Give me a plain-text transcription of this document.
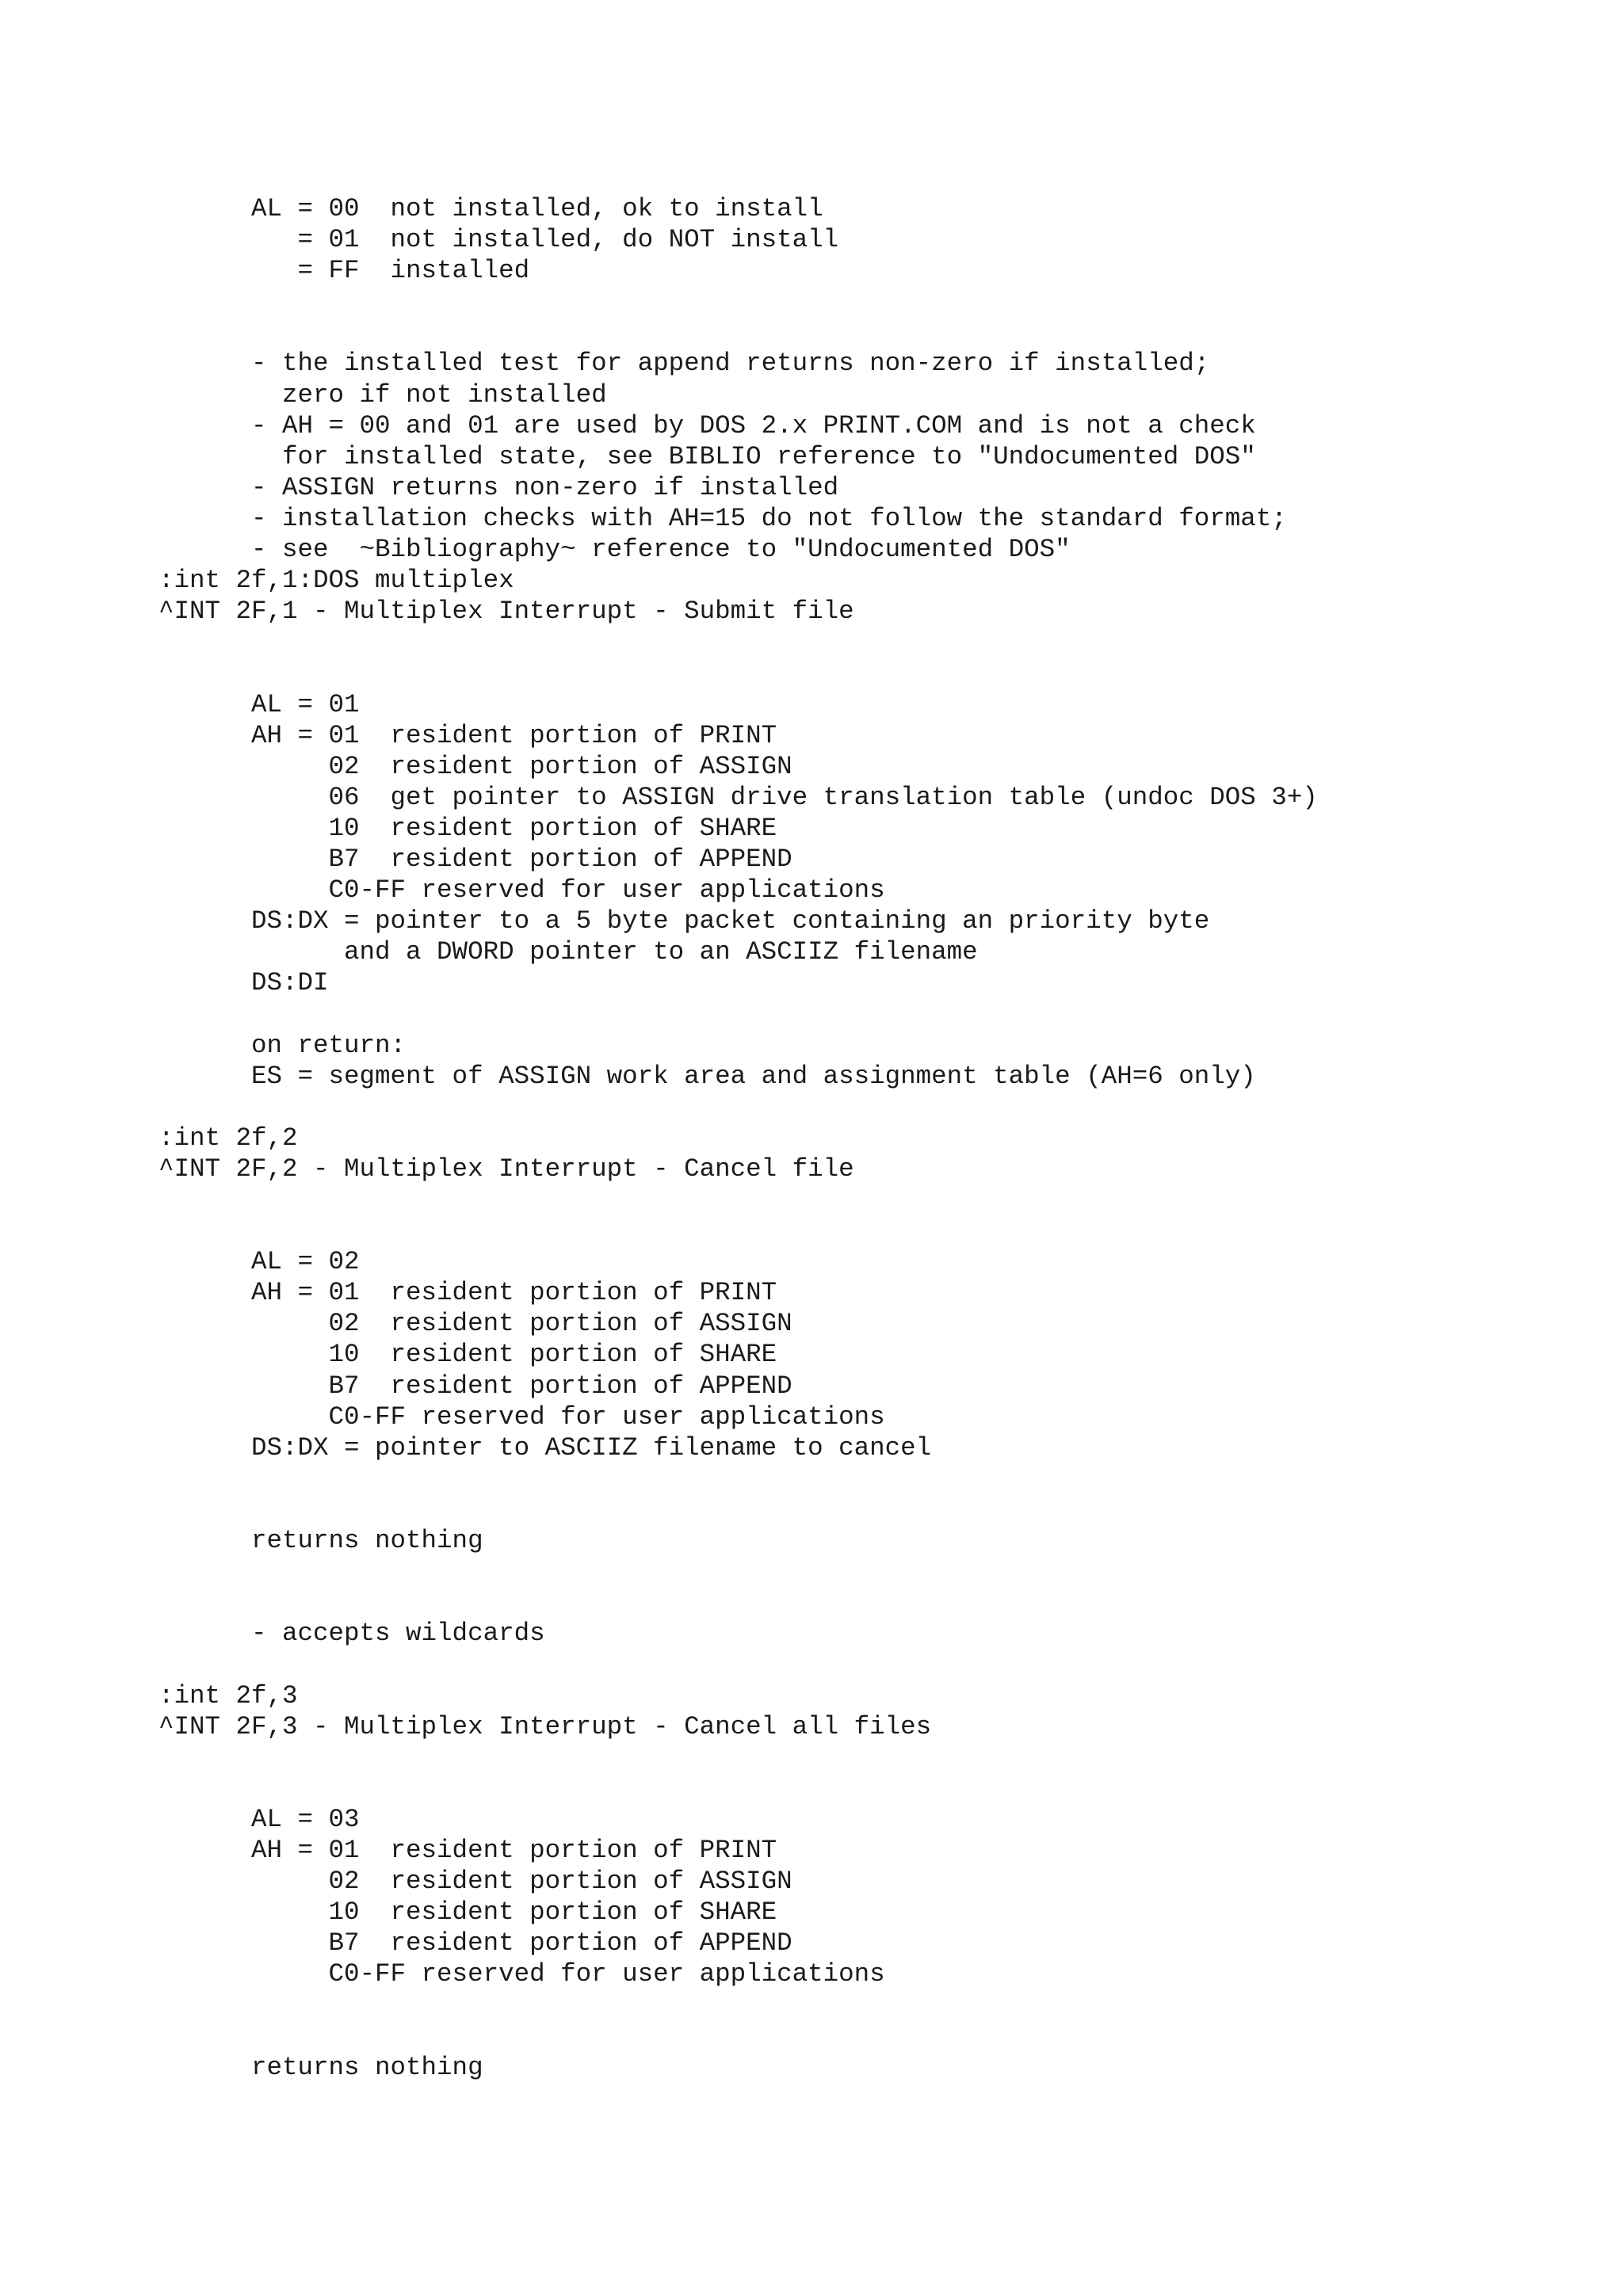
AL = 00  not installed, ok to install
= 01  not installed, do NOT install
= FF  installed
- the installed test for append returns non-zero if installed;
zero if not installed
- AH = 00 and 01 are used by DOS 2.x PRINT.COM and is not a check
for installed state, see BIBLIO reference to "Undocumented DOS"
- ASSIGN returns non-zero if installed
- installation checks with AH=15 do not follow the standard format;
- see  ~Bibliography~ reference to "Undocumented DOS"
:int 2f,1:DOS multiplex
^INT 2F,1 - Multiplex Interrupt - Submit file
AL = 01
AH = 01  resident portion of PRINT
02  resident portion of ASSIGN
06  get pointer to ASSIGN drive translation table (undoc DOS 3+)
10  resident portion of SHARE
B7  resident portion of APPEND
C0-FF reserved for user applications
DS:DX = pointer to a 5 byte packet containing an priority byte
and a DWORD pointer to an ASCIIZ filename
DS:DI
on return:
ES = segment of ASSIGN work area and assignment table (AH=6 only)
:int 2f,2
^INT 2F,2 - Multiplex Interrupt - Cancel file
AL = 02
AH = 01  resident portion of PRINT
02  resident portion of ASSIGN
10  resident portion of SHARE
B7  resident portion of APPEND
C0-FF reserved for user applications
DS:DX = pointer to ASCIIZ filename to cancel
returns nothing
- accepts wildcards
:int 2f,3
^INT 2F,3 - Multiplex Interrupt - Cancel all files
AL = 03
AH = 01  resident portion of PRINT
02  resident portion of ASSIGN
10  resident portion of SHARE
B7  resident portion of APPEND
C0-FF reserved for user applications
returns nothing
